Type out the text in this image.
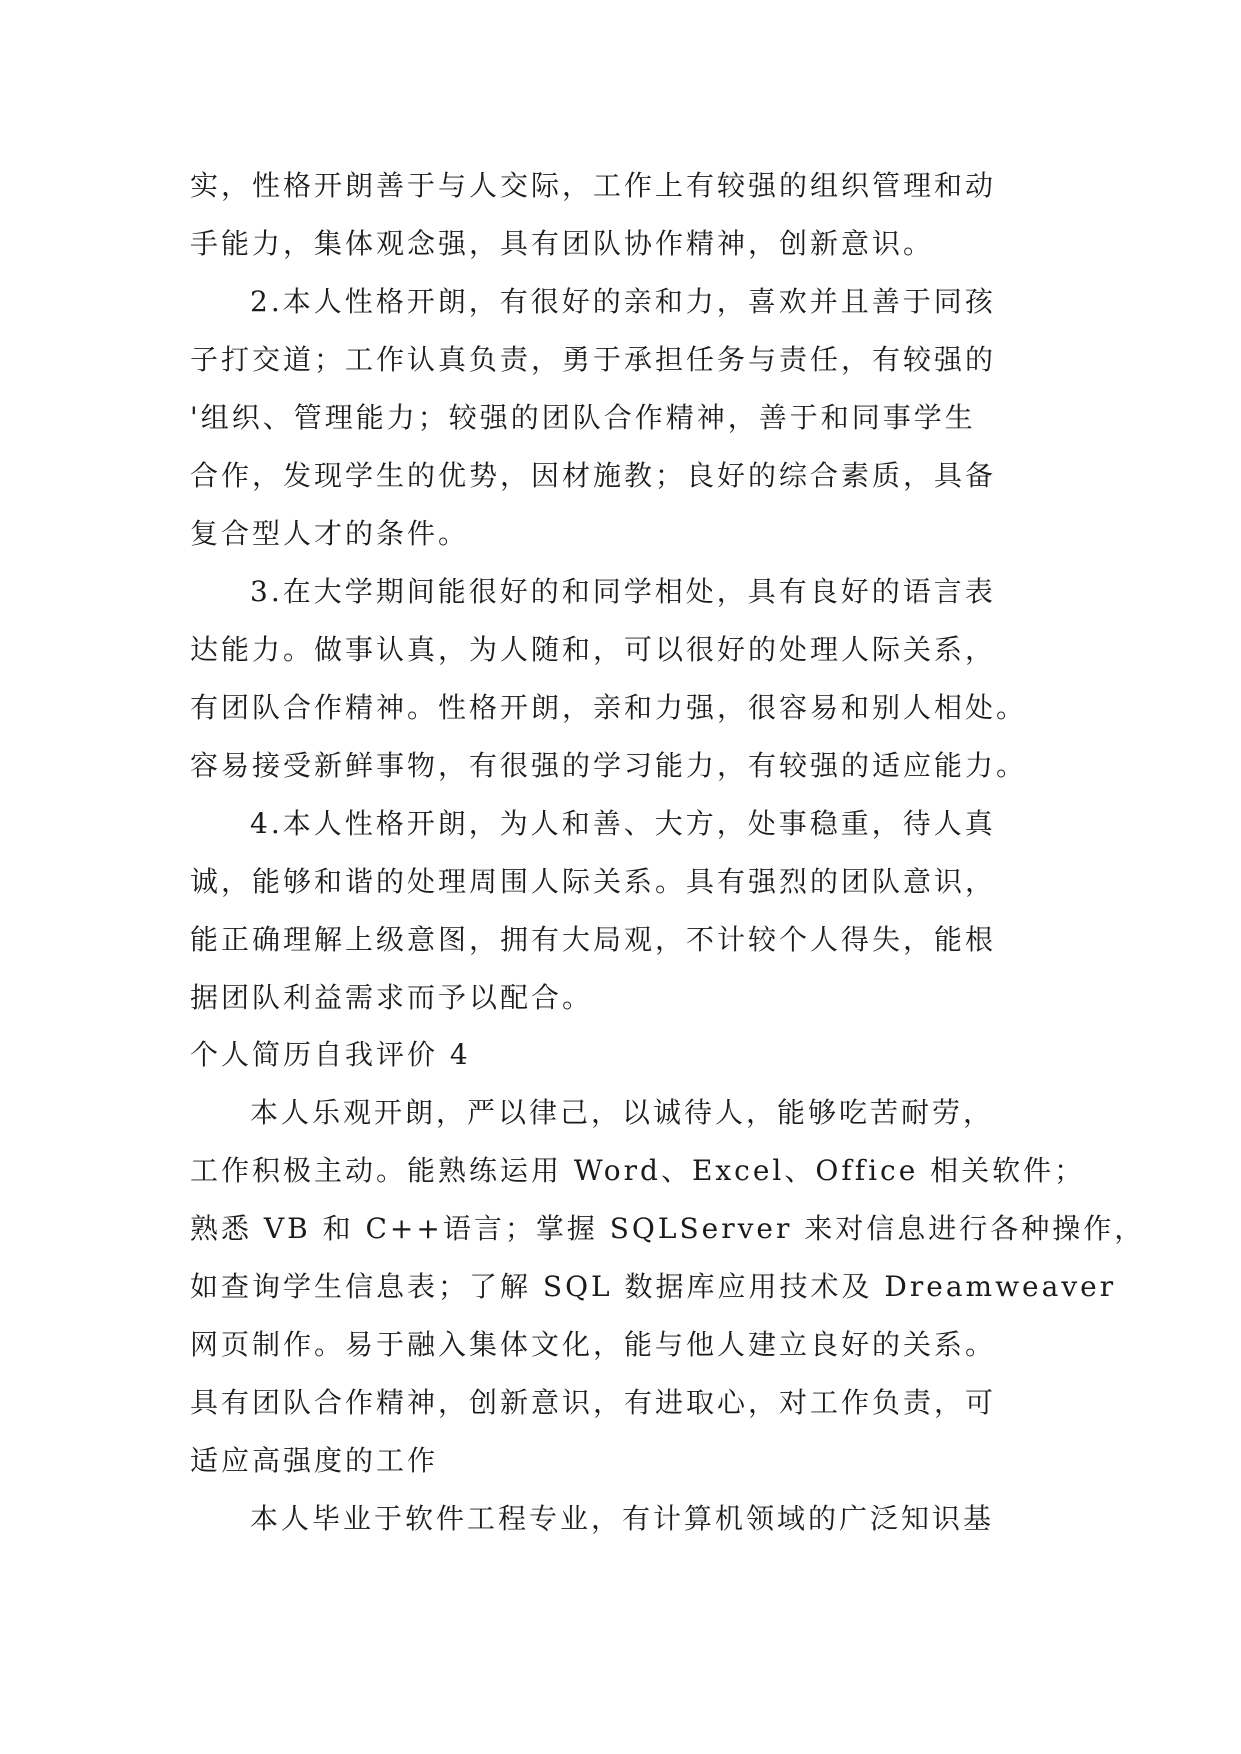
实，性格开朗善于与人交际，工作上有较强的组织管理和动
手能力，集体观念强，具有团队协作精神，创新意识。
2.本人性格开朗，有很好的亲和力，喜欢并且善于同孩
子打交道；工作认真负责，勇于承担任务与责任，有较强的
'组织、管理能力；较强的团队合作精神，善于和同事学生
合作，发现学生的优势，因材施教；良好的综合素质，具备
复合型人才的条件。
3.在大学期间能很好的和同学相处，具有良好的语言表
达能力。做事认真，为人随和，可以很好的处理人际关系，
有团队合作精神。性格开朗，亲和力强，很容易和别人相处。
容易接受新鲜事物，有很强的学习能力，有较强的适应能力。
4.本人性格开朗，为人和善、大方，处事稳重，待人真
诚，能够和谐的处理周围人际关系。具有强烈的团队意识，
能正确理解上级意图，拥有大局观，不计较个人得失，能根
据团队利益需求而予以配合。
个人简历自我评价 4
本人乐观开朗，严以律己，以诚待人，能够吃苦耐劳，
工作积极主动。能熟练运用 Word、Excel、Office 相关软件；
熟悉 VB 和 C++语言；掌握 SQLServer 来对信息进行各种操作，
如查询学生信息表；了解 SQL 数据库应用技术及 Dreamweaver
网页制作。易于融入集体文化，能与他人建立良好的关系。
具有团队合作精神，创新意识，有进取心，对工作负责，可
适应高强度的工作
本人毕业于软件工程专业，有计算机领域的广泛知识基
